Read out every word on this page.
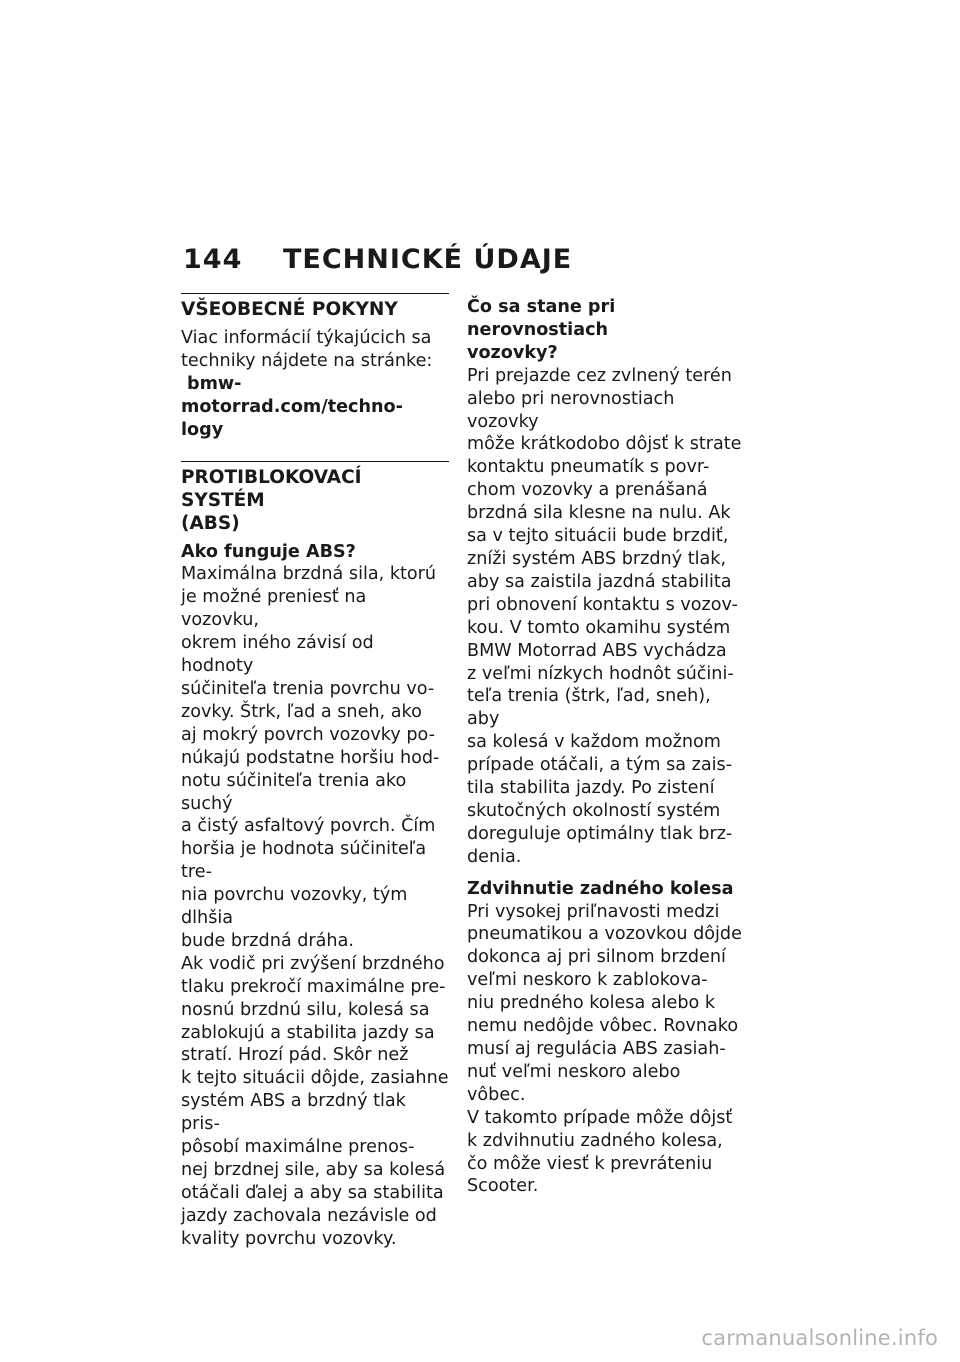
144 TECHNICKÉ ÚDAJE
VŠEOBECNÉ POKYNY

Viac informácií týkajúcich sa
techniky nájdete na stránke:
bmw-motorrad.com/techno-
logy

PROTIBLOKOVACÍ SYSTÉM
(ABS)

Ako funguje ABS?

Maximálna brzdná sila, ktorú
je možné preniesť na vozovku,
okrem iného závisí od hodnoty
súčiniteľa trenia povrchu vo-
zovky. Štrk, ľad a sneh, ako
aj mokrý povrch vozovky po-
núkajú podstatne horšiu hod-
notu súčiniteľa trenia ako suchý
a čistý asfaltový povrch. Čím
horšia je hodnota súčiniteľa tre-
nia povrchu vozovky, tým dlhšia
bude brzdná dráha.

Ak vodič pri zvýšení brzdného
tlaku prekročí maximálne pre-
nosnú brzdnú silu, kolesá sa
zablokujú a stabilita jazdy sa
stratí. Hrozí pád. Skôr než
k tejto situácii dôjde, zasiahne
systém ABS a brzdný tlak pris-
pôsobí maximálne prenos-
nej brzdnej sile, aby sa kolesá
otáčali ďalej a aby sa stabilita
jazdy zachovala nezávisle od
kvality povrchu vozovky.

Čo sa stane pri nerovnostiach
vozovky?

Pri prejazde cez zvlnený terén
alebo pri nerovnostiach vozovky
môže krátkodobo dôjsť k strate
kontaktu pneumatík s povr-
chom vozovky a prenášaná
brzdná sila klesne na nulu. Ak
sa v tejto situácii bude brzdiť,
zníži systém ABS brzdný tlak,
aby sa zaistila jazdná stabilita
pri obnovení kontaktu s vozov-
kou. V tomto okamihu systém
BMW Motorrad ABS vychádza
z veľmi nízkych hodnôt súčini-
teľa trenia (štrk, ľad, sneh), aby
sa kolesá v každom možnom
prípade otáčali, a tým sa zais-
tila stabilita jazdy. Po zistení
skutočných okolností systém
doreguluje optimálny tlak brz-
denia.

Zdvihnutie zadného kolesa

Pri vysokej priľnavosti medzi
pneumatikou a vozovkou dôjde
dokonca aj pri silnom brzdení
veľmi neskoro k zablokova-
niu predného kolesa alebo k
nemu nedôjde vôbec. Rovnako
musí aj regulácia ABS zasiah-
nuť veľmi neskoro alebo vôbec.
V takomto prípade môže dôjsť
k zdvihnutiu zadného kolesa,
čo môže viesť k prevráteniu
Scooter.

carmanualsonline.info
